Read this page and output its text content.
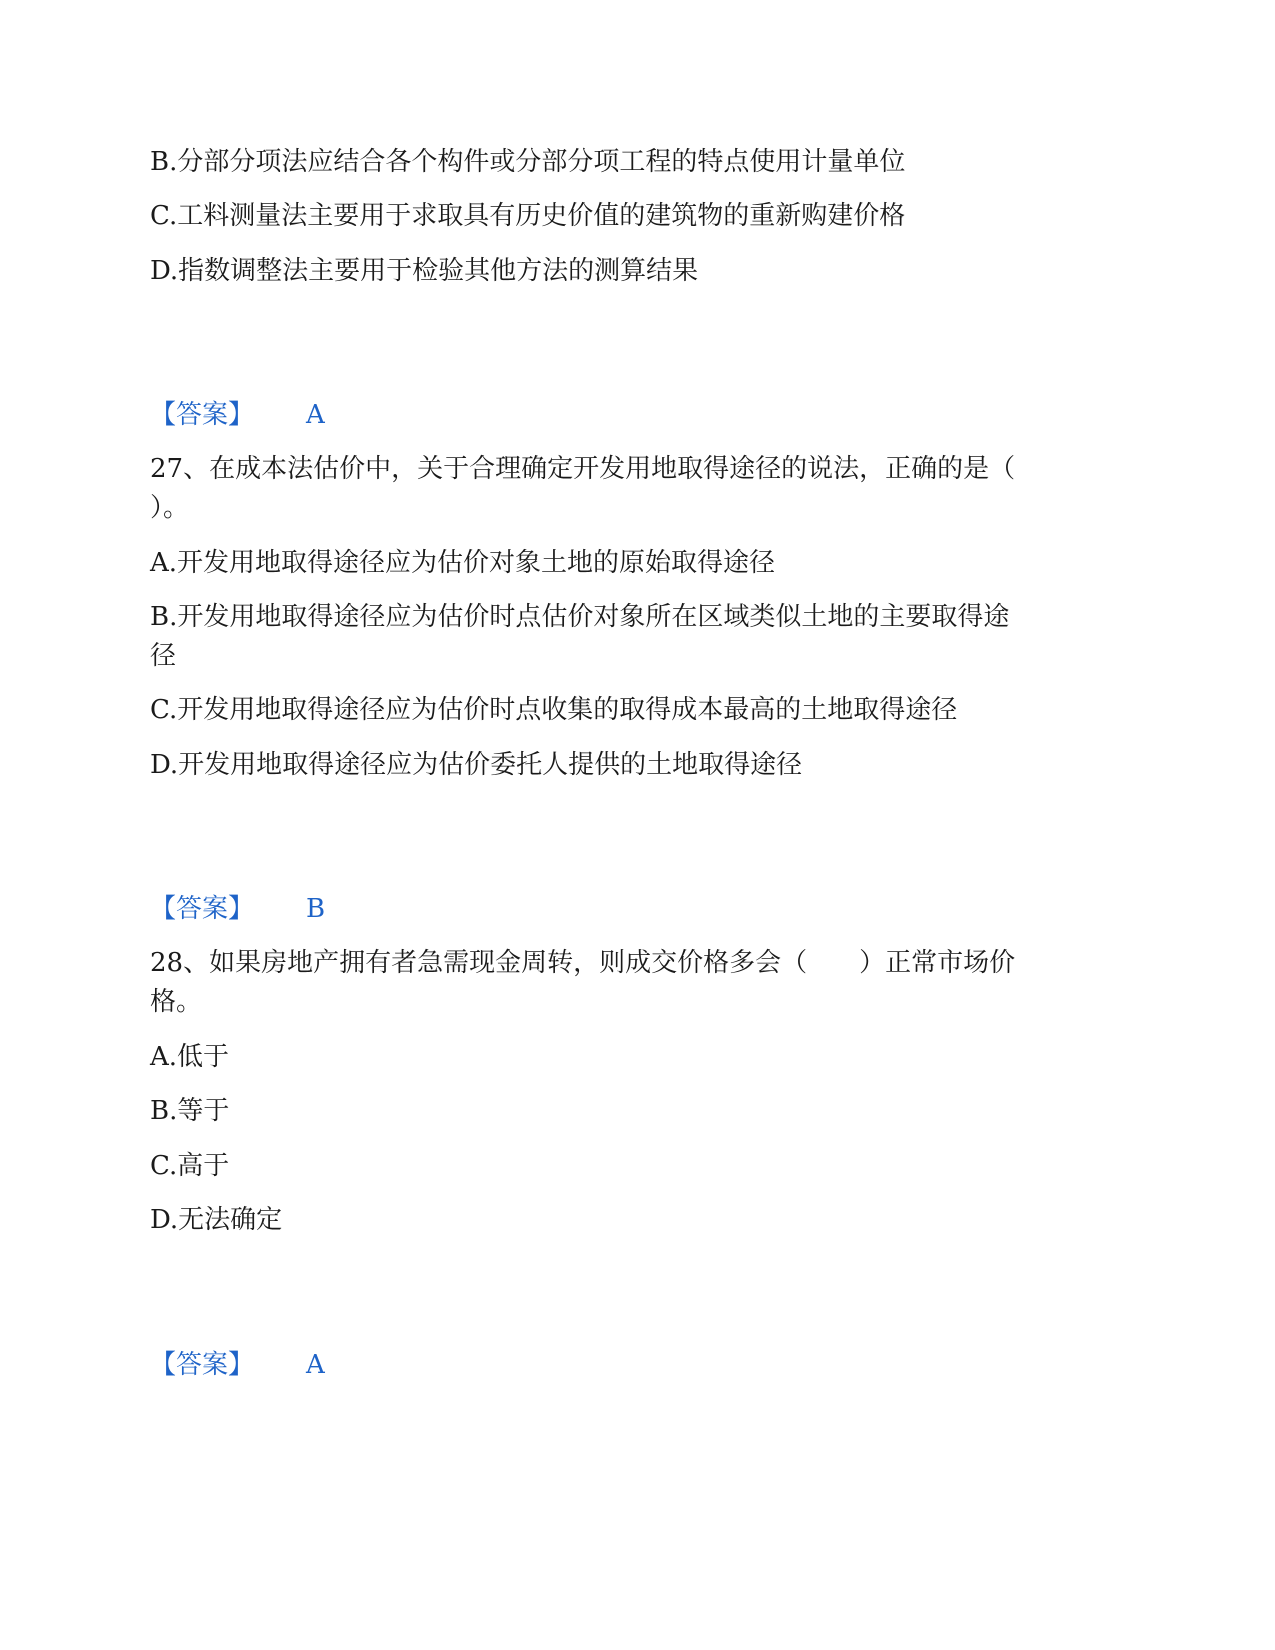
B.分部分项法应结合各个构件或分部分项工程的特点使用计量单位
C.工料测量法主要用于求取具有历史价值的建筑物的重新购建价格
D.指数调整法主要用于检验其他方法的测算结果
【答案】 A
27、在成本法估价中，关于合理确定开发用地取得途径的说法，正确的是（
）。
A.开发用地取得途径应为估价对象土地的原始取得途径
B.开发用地取得途径应为估价时点估价对象所在区域类似土地的主要取得途
径
C.开发用地取得途径应为估价时点收集的取得成本最高的土地取得途径
D.开发用地取得途径应为估价委托人提供的土地取得途径
【答案】 B
28、如果房地产拥有者急需现金周转，则成交价格多会（　　）正常市场价
格。
A.低于
B.等于
C.高于
D.无法确定
【答案】 A
